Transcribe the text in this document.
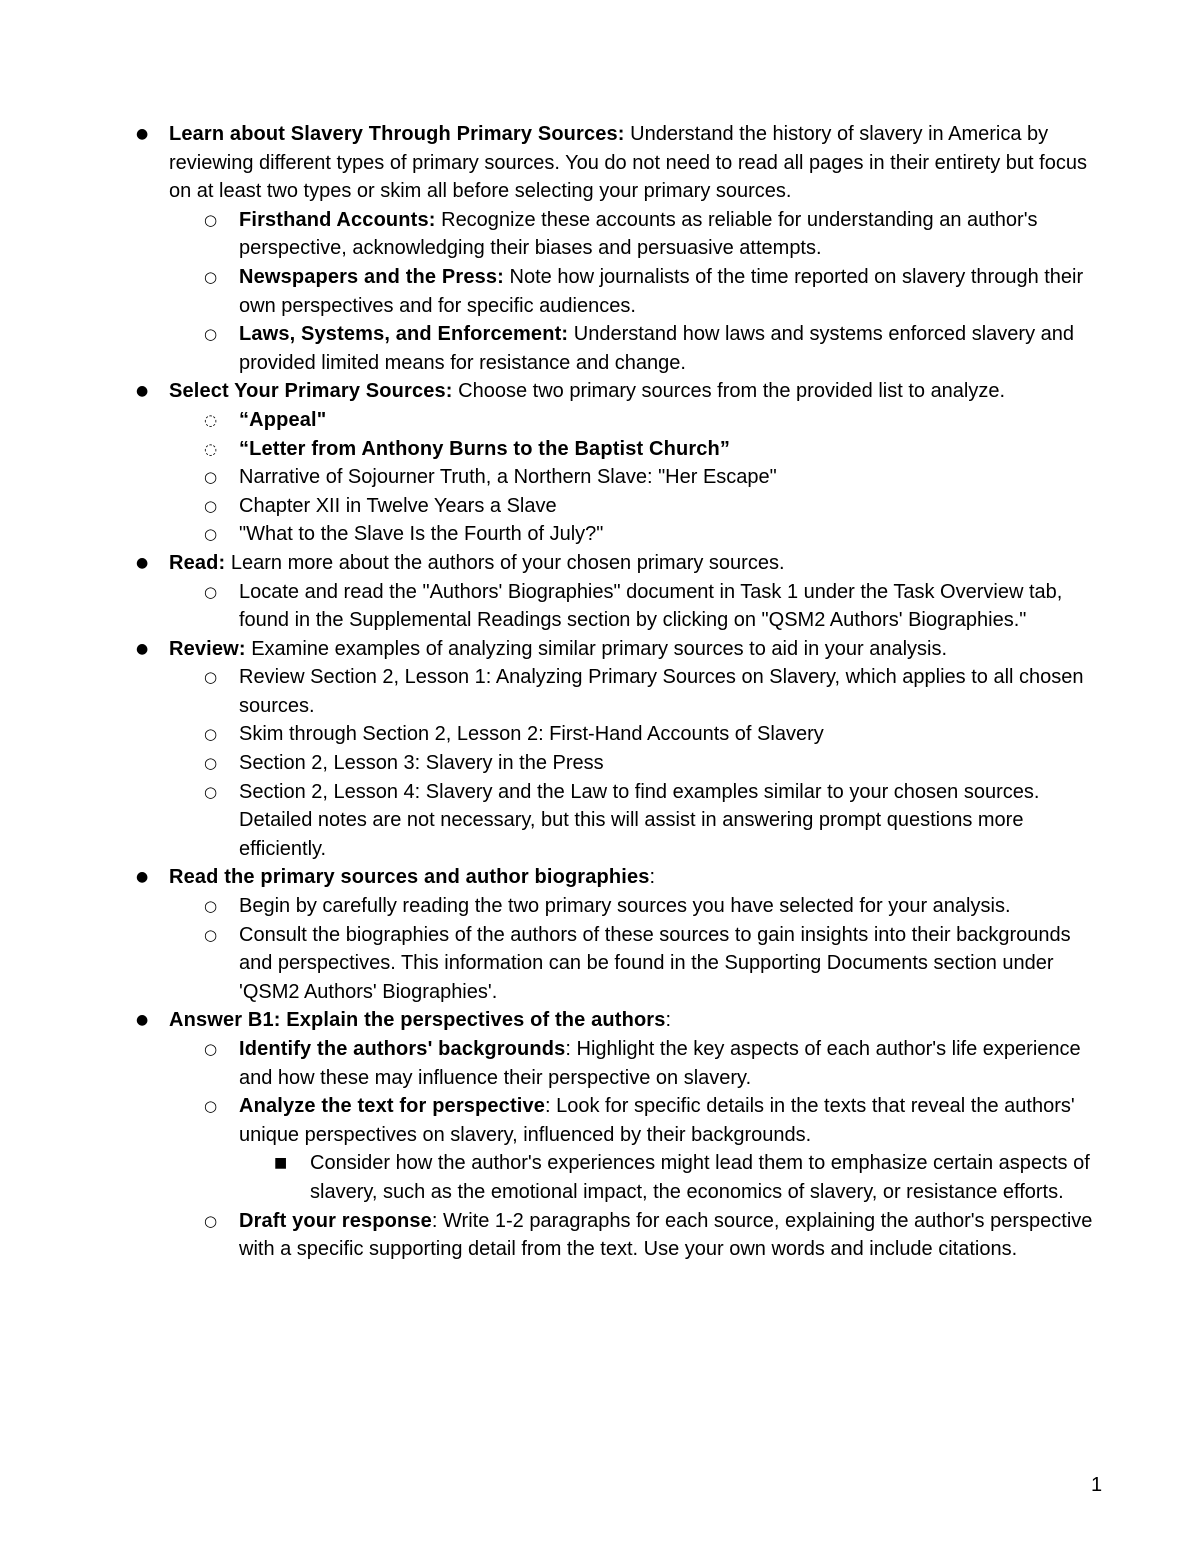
● Learn about Slavery Through Primary Sources: Understand the history of slavery in America by reviewing different types of primary sources. You do not need to read all pages in their entirety but focus on at least two types or skim all before selecting your primary sources.
○ Firsthand Accounts: Recognize these accounts as reliable for understanding an author's perspective, acknowledging their biases and persuasive attempts.
○ Newspapers and the Press: Note how journalists of the time reported on slavery through their own perspectives and for specific audiences.
○ Laws, Systems, and Enforcement: Understand how laws and systems enforced slavery and provided limited means for resistance and change.
● Select Your Primary Sources: Choose two primary sources from the provided list to analyze.
◌ “Appeal"
◌ “Letter from Anthony Burns to the Baptist Church”
○ Narrative of Sojourner Truth, a Northern Slave: "Her Escape"
○ Chapter XII in Twelve Years a Slave
○ "What to the Slave Is the Fourth of July?"
● Read: Learn more about the authors of your chosen primary sources.
○ Locate and read the "Authors' Biographies" document in Task 1 under the Task Overview tab, found in the Supplemental Readings section by clicking on "QSM2 Authors' Biographies."
● Review: Examine examples of analyzing similar primary sources to aid in your analysis.
○ Review Section 2, Lesson 1: Analyzing Primary Sources on Slavery, which applies to all chosen sources.
○ Skim through Section 2, Lesson 2: First-Hand Accounts of Slavery
○ Section 2, Lesson 3: Slavery in the Press
○ Section 2, Lesson 4: Slavery and the Law to find examples similar to your chosen sources. Detailed notes are not necessary, but this will assist in answering prompt questions more efficiently.
● Read the primary sources and author biographies:
○ Begin by carefully reading the two primary sources you have selected for your analysis.
○ Consult the biographies of the authors of these sources to gain insights into their backgrounds and perspectives. This information can be found in the Supporting Documents section under 'QSM2 Authors' Biographies'.
● Answer B1: Explain the perspectives of the authors:
○ Identify the authors' backgrounds: Highlight the key aspects of each author's life experience and how these may influence their perspective on slavery.
○ Analyze the text for perspective: Look for specific details in the texts that reveal the authors' unique perspectives on slavery, influenced by their backgrounds.
■ Consider how the author's experiences might lead them to emphasize certain aspects of slavery, such as the emotional impact, the economics of slavery, or resistance efforts.
○ Draft your response: Write 1-2 paragraphs for each source, explaining the author's perspective with a specific supporting detail from the text. Use your own words and include citations.
1
